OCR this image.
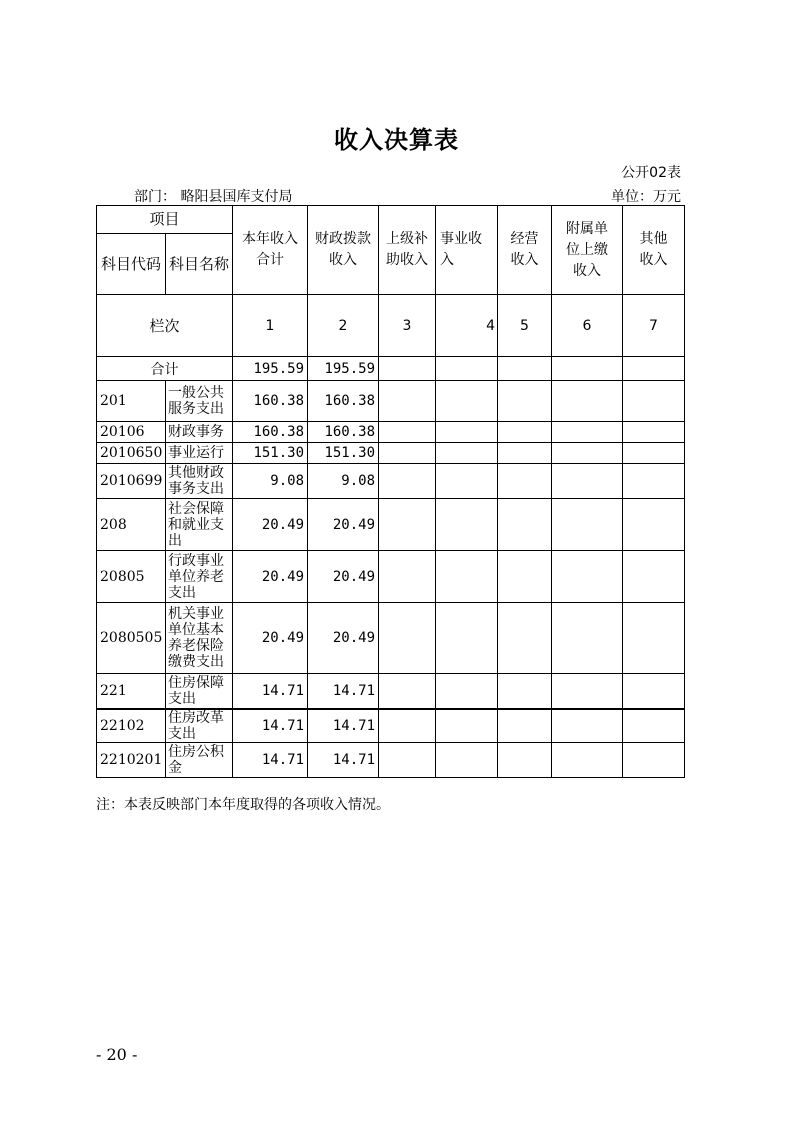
收入决算表
公开02表
部门： 略阳县国库支付局	单位：万元
项目		本年收入合计	财政拨款收入	上级补助收入	事业收入	经营收入	附属单位上缴收入	其他收入
科目代码	科目名称							
栏次		1	2	3	4	5	6	7
合计		195.59	195.59					
201	一般公共服务支出	160.38	160.38					
20106	财政事务	160.38	160.38					
2010650	事业运行	151.30	151.30					
2010699	其他财政事务支出	9.08	9.08					
208	社会保障和就业支出	20.49	20.49					
20805	行政事业单位养老支出	20.49	20.49					
2080505	机关事业单位基本养老保险缴费支出	20.49	20.49					
221	住房保障支出	14.71	14.71					
22102	住房改革支出	14.71	14.71					
2210201	住房公积金	14.71	14.71					
注：本表反映部门本年度取得的各项收入情况。
- 20 -
